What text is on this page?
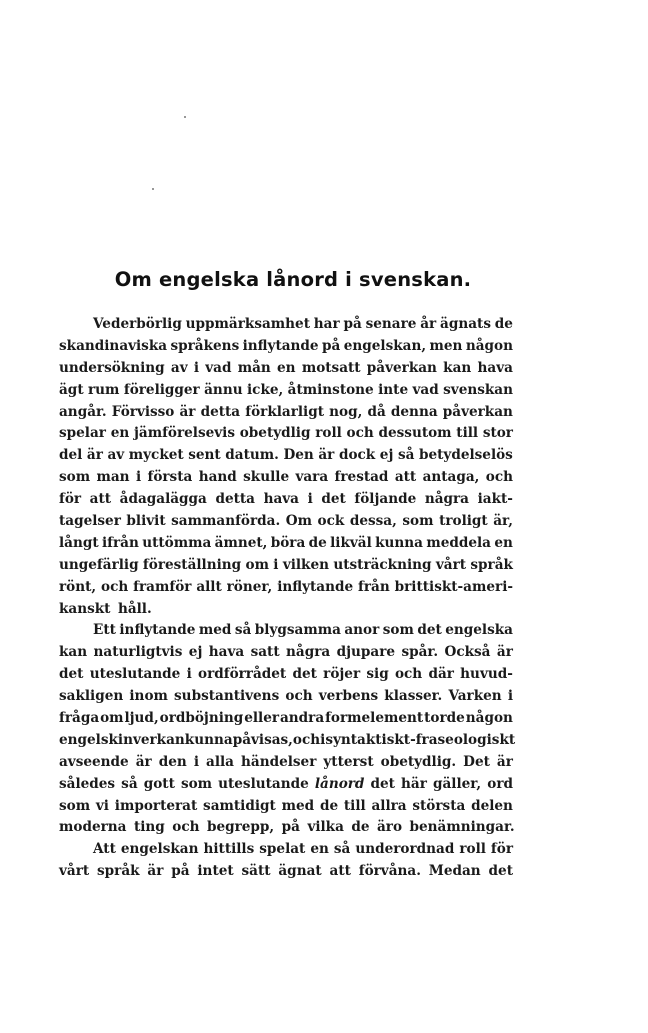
Om engelska lånord i svenskan.
Vederbörlig uppmärksamhet har på senare år ägnats de
skandinaviska språkens inflytande på engelskan, men någon
undersökning av i vad mån en motsatt påverkan kan hava
ägt rum föreligger ännu icke, åtminstone inte vad svenskan
angår. Förvisso är detta förklarligt nog, då denna påverkan
spelar en jämförelsevis obetydlig roll och dessutom till stor
del är av mycket sent datum. Den är dock ej så betydelselös
som man i första hand skulle vara frestad att antaga, och
för att ådagalägga detta hava i det följande några iakt-
tagelser blivit sammanförda. Om ock dessa, som troligt är,
långt ifrån uttömma ämnet, böra de likväl kunna meddela en
ungefärlig föreställning om i vilken utsträckning vårt språk
rönt, och framför allt röner, inflytande från brittiskt-ameri-
kanskt håll.
Ett inflytande med så blygsamma anor som det engelska
kan naturligtvis ej hava satt några djupare spår. Också är
det uteslutande i ordförrådet det röjer sig och där huvud-
sakligen inom substantivens och verbens klasser. Varken i
fråga om ljud, ordböjning eller andra formelement torde någon
engelsk inverkan kunna påvisas, och i syntaktiskt-fraseologiskt
avseende är den i alla händelser ytterst obetydlig. Det är
således så gott som uteslutande lånord det här gäller, ord
som vi importerat samtidigt med de till allra största delen
moderna ting och begrepp, på vilka de äro benämningar.
Att engelskan hittills spelat en så underordnad roll för
vårt språk är på intet sätt ägnat att förvåna. Medan det
